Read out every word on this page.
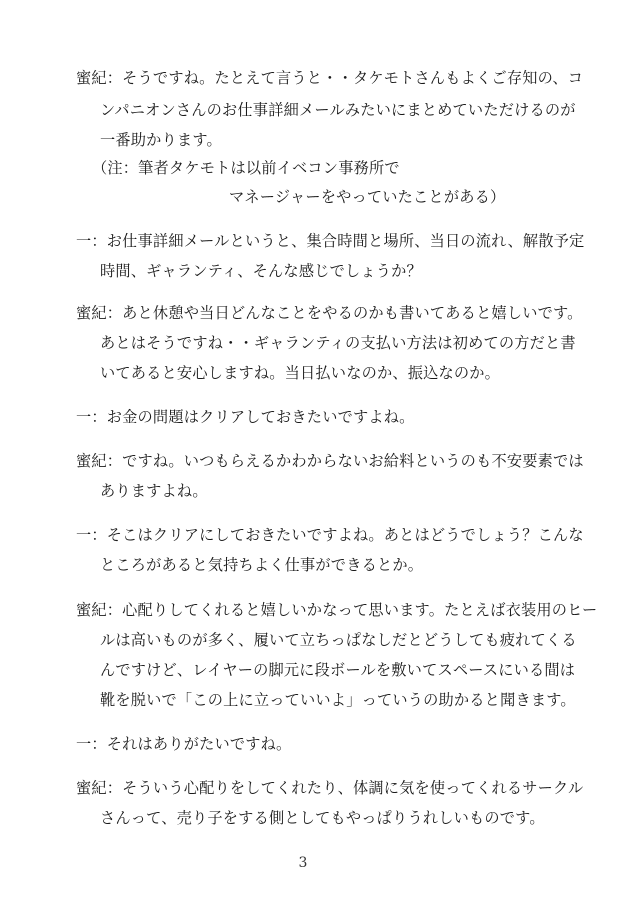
蜜紀：そうですね。たとえて言うと・・タケモトさんもよくご存知の、コ
ンパニオンさんのお仕事詳細メールみたいにまとめていただけるのが
一番助かります。
（注：筆者タケモトは以前イベコン事務所で
マネージャーをやっていたことがある）
一：お仕事詳細メールというと、集合時間と場所、当日の流れ、解散予定
時間、ギャランティ、そんな感じでしょうか？
蜜紀：あと休憩や当日どんなことをやるのかも書いてあると嬉しいです。
あとはそうですね・・ギャランティの支払い方法は初めての方だと書
いてあると安心しますね。当日払いなのか、振込なのか。
一：お金の問題はクリアしておきたいですよね。
蜜紀：ですね。いつもらえるかわからないお給料というのも不安要素では
ありますよね。
一：そこはクリアにしておきたいですよね。あとはどうでしょう？こんな
ところがあると気持ちよく仕事ができるとか。
蜜紀：心配りしてくれると嬉しいかなって思います。たとえば衣装用のヒー
ルは高いものが多く、履いて立ちっぱなしだとどうしても疲れてくる
んですけど、レイヤーの脚元に段ボールを敷いてスペースにいる間は
靴を脱いで「この上に立っていいよ」っていうの助かると聞きます。
一：それはありがたいですね。
蜜紀：そういう心配りをしてくれたり、体調に気を使ってくれるサークル
さんって、売り子をする側としてもやっぱりうれしいものです。
3
